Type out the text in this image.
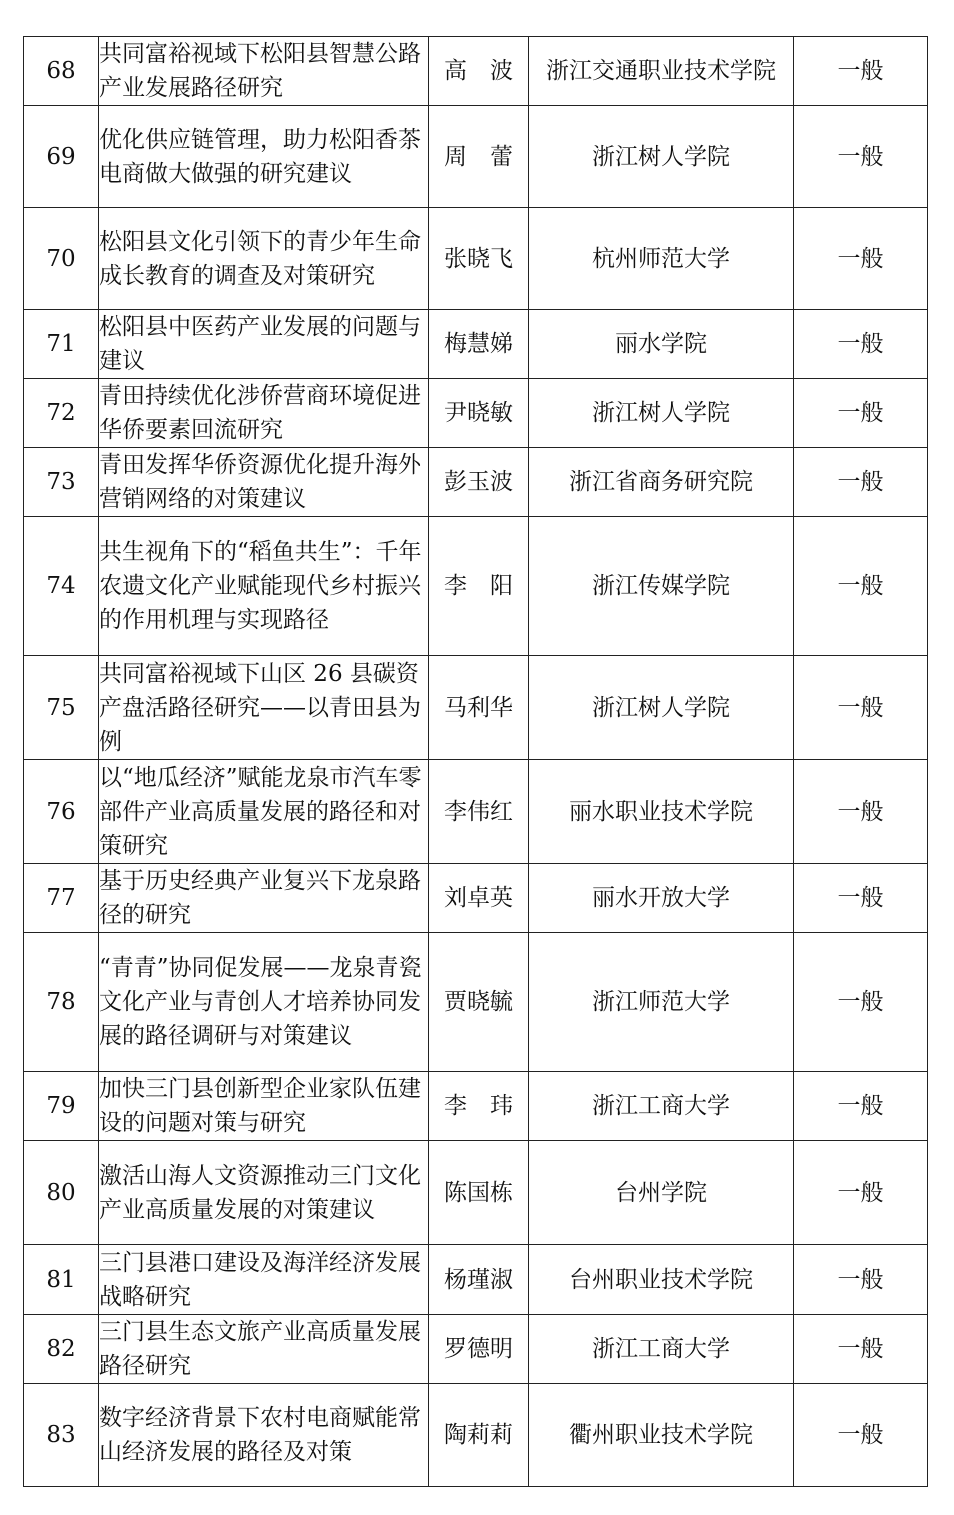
68	共同富裕视域下松阳县智慧公路产业发展路径研究	高　波	浙江交通职业技术学院	一般
69	优化供应链管理，助力松阳香茶电商做大做强的研究建议	周　蕾	浙江树人学院	一般
70	松阳县文化引领下的青少年生命成长教育的调查及对策研究	张晓飞	杭州师范大学	一般
71	松阳县中医药产业发展的问题与建议	梅慧娣	丽水学院	一般
72	青田持续优化涉侨营商环境促进华侨要素回流研究	尹晓敏	浙江树人学院	一般
73	青田发挥华侨资源优化提升海外营销网络的对策建议	彭玉波	浙江省商务研究院	一般
74	共生视角下的“稻鱼共生”：千年农遗文化产业赋能现代乡村振兴的作用机理与实现路径	李　阳	浙江传媒学院	一般
75	共同富裕视域下山区 26 县碳资产盘活路径研究——以青田县为例	马利华	浙江树人学院	一般
76	以“地瓜经济”赋能龙泉市汽车零部件产业高质量发展的路径和对策研究	李伟红	丽水职业技术学院	一般
77	基于历史经典产业复兴下龙泉路径的研究	刘卓英	丽水开放大学	一般
78	“青青”协同促发展——龙泉青瓷文化产业与青创人才培养协同发展的路径调研与对策建议	贾晓毓	浙江师范大学	一般
79	加快三门县创新型企业家队伍建设的问题对策与研究	李　玮	浙江工商大学	一般
80	激活山海人文资源推动三门文化产业高质量发展的对策建议	陈国栋	台州学院	一般
81	三门县港口建设及海洋经济发展战略研究	杨瑾淑	台州职业技术学院	一般
82	三门县生态文旅产业高质量发展路径研究	罗德明	浙江工商大学	一般
83	数字经济背景下农村电商赋能常山经济发展的路径及对策	陶莉莉	衢州职业技术学院	一般
